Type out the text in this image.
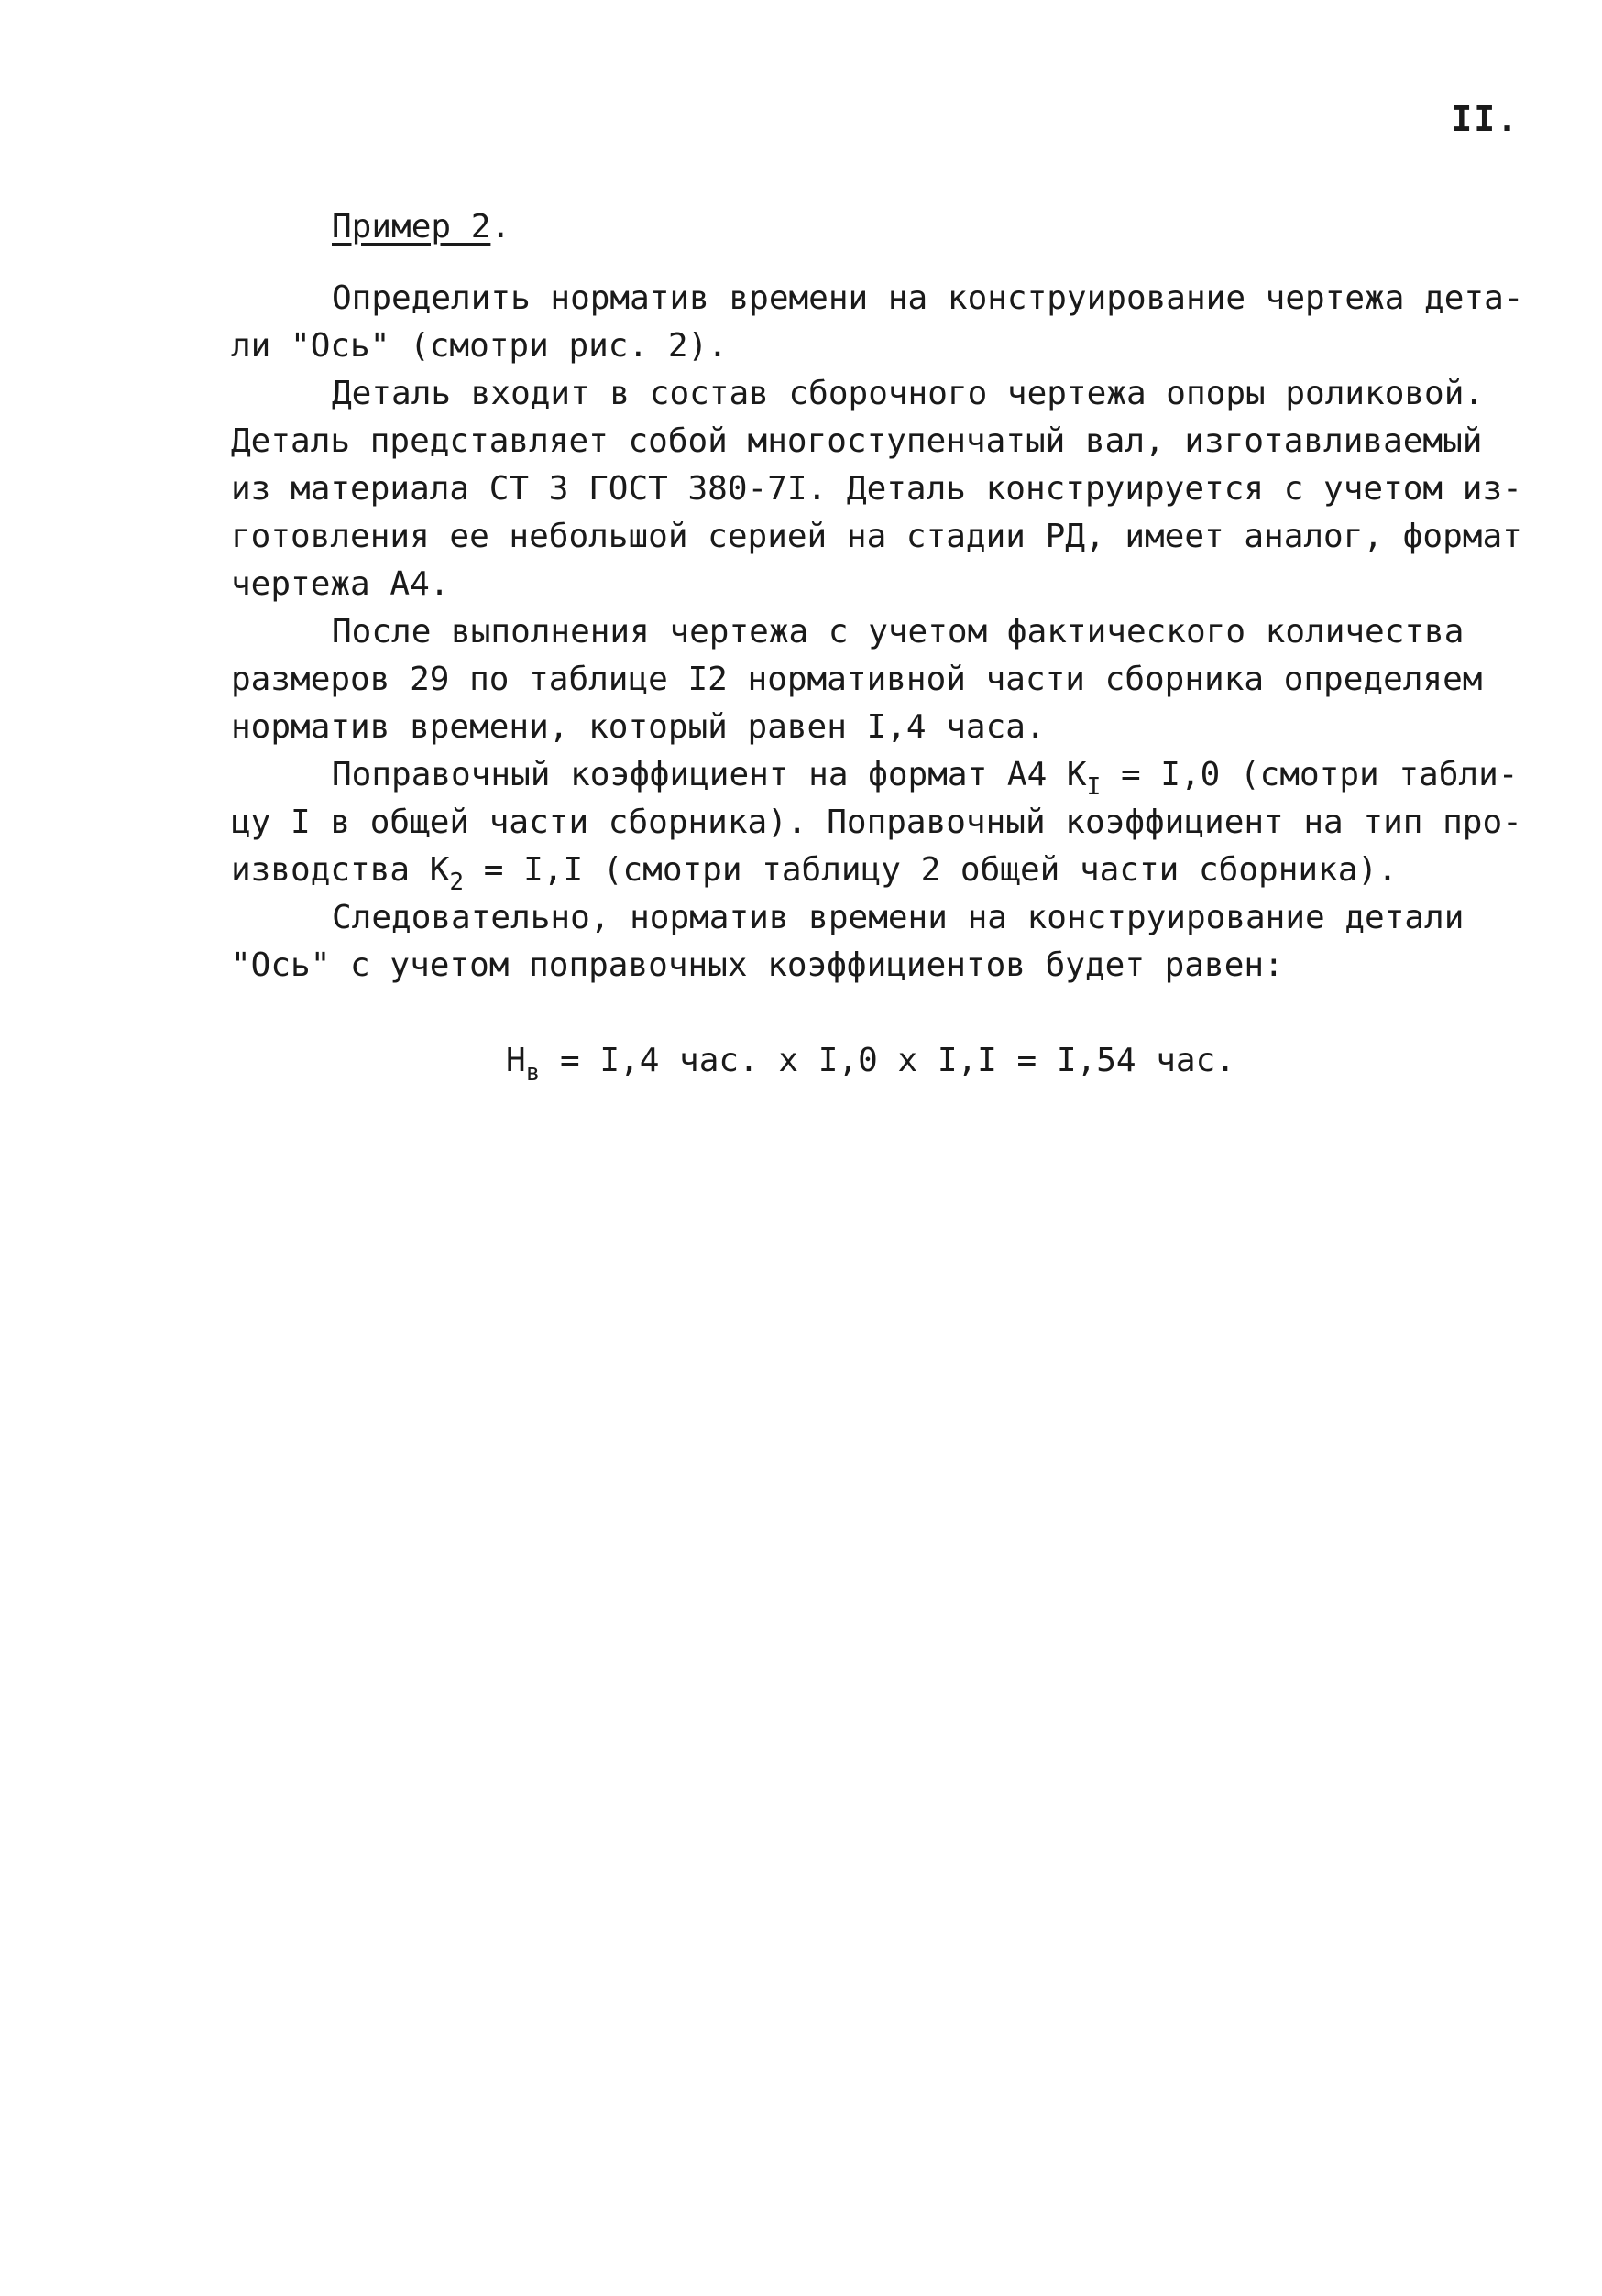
II.
Пример 2.
Определить норматив времени на конструирование чертежа дета-
ли "Ось" (смотри рис. 2).
Деталь входит в состав сборочного чертежа опоры роликовой.
Деталь представляет собой многоступенчатый вал, изготавливаемый
из материала СТ 3 ГОСТ 380-7I. Деталь конструируется с учетом из-
готовления ее небольшой серией на стадии РД, имеет аналог, формат
чертежа А4.
После выполнения чертежа с учетом фактического количества
размеров 29 по таблице I2 нормативной части сборника определяем
норматив времени, который равен I,4 часа.
Поправочный коэффициент на формат А4 $К_I = I,0$ (смотри табли-
цу I в общей части сборника). Поправочный коэффициент на тип про-
изводства $К_2 = I,I$ (смотри таблицу 2 общей части сборника).
Следовательно, норматив времени на конструирование детали
"Ось" с учетом поправочных коэффициентов будет равен:
$Н_в = I,4$ час. х I,0 х I,I = I,54 час.
